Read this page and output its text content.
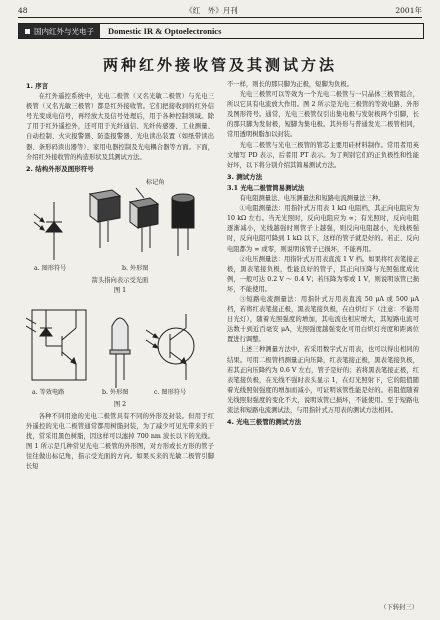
48	《红　外》月刊	2001年
国内红外与光电子	Domestic IR & Optoelectronics
两种红外接收管及其测试方法
1. 序言

在红外遥控系统中，光电二极管（又名光敏二极管）与光电三极管（又名光敏三极管）都是红外接收管。它们把接收到的红外信号光变成电信号，再经放大及信号处理后，用于各种控制领域。除了用于红外遥控外，还可用于光纤通信、光纤传感器、工业测量、自动控制、火灾报警器、防盗报警器、光电读出装置（如纸带读出器、条形码读出器等）、家用电器控制及光电耦合器等方面。下面，介绍红外接收管的构造形状及其测试方法。

2. 结构外形及图形符号
标记角
a. 图形符号	b. 外形图
箭头指向表示受光面
图 1
a. 等效电路	b. 外形图	c. 图形符号
图 2

各种不同用途的光电二极管具有不同的外形及封装。但用于红外遥控的光电二极管通常都用树脂封装，为了减少可见光带来的干扰，常采用黑色树脂，因这样可以滤掉 700 nm 波长以下的光线。图 1 所示是几种常见光电二极管的外形图，对方形或长方形的管子往往做出标记角，指示受光面的方向。如果买来的光敏二极管引脚长短

不一样，则长的那只脚为正极，短脚为负极。

光电三极管可以等效为一个光电二极管与一只晶体三极管组合，所以它具有电流放大作用。图 2 所示是光电三极管的等效电路、外形及图形符号。通常，光电三极管仅引出集电极与发射极两个引脚，长的那只脚为发射极，短脚为集电极。其外形与普通发光二极管相同，常用透明树脂加以封装。

光电二极管与光电三极管的管芯主要用硅材料制作。常用者用英文缩写 PD 表示，后者用 PT 表示。为了判别它们的正负极性和性能好坏，以下将分别介绍其简易测试方法。

3. 测试方法
3.1 光电二极管简易测试法

有电阻测量法、电压测量法和短路电流测量法三种。

①电阻测量法：用指针式万用表 1 kΩ 电阻档，其正向电阻应为 10 kΩ 左右。当无光照时，反向电阻应为 ∞；有光照时，反向电阻逐渐减小，光线越强时则管子上越强，则反向电阻越小，光线极强时，反向电阻可降到 1 kΩ 以下，这样的管子就是好的。若正、反向电阻都为 ∞ 或零，则说明该管子已损坏，不能再用。

②电压测量法：用指针式万用表直流 1 V 档。如果将红表笔接正极，黑表笔接负极，性能良好的管子，其正向压降与光照强度成比例，一般可达 0.2 V ～ 0.4 V；若压降为零或 1 V，则说明该管已损坏，不能使用。

③短路电流测量法：用指针式万用表直流 50 μA 或 500 μA 档，若将红表笔接正极，黑表笔接负极，在白炽灯下（注意：不能用日光灯），随着光照强度的增加，其电流也相应增大，其短路电流可达数十到近百毫安 μA，光照强度越强变化可用白炽灯亮度和距离位置进行调整。

上述三种测量方法中，若采用数字式万用表，也可以得出相同的结果。可用二极管档测量正向压降，红表笔接正极，黑表笔接负极，若其正向压降约为 0.6 V 左右，管子是好的；若将黑表笔接正极，红表笔接负极，在光线不强时表头显示 1，在灯光照射下，它的阻值随着光线照射强度的增加而减小，可证明该管性能是好的。若阻值随着光线照射强度的变化不大，说明该管已损坏，不能使用。至于短路电流法和短路电流测试法，与用指针式万用表的测试方法相同。

4. 光电三极管的测试方法
（下转封三）
